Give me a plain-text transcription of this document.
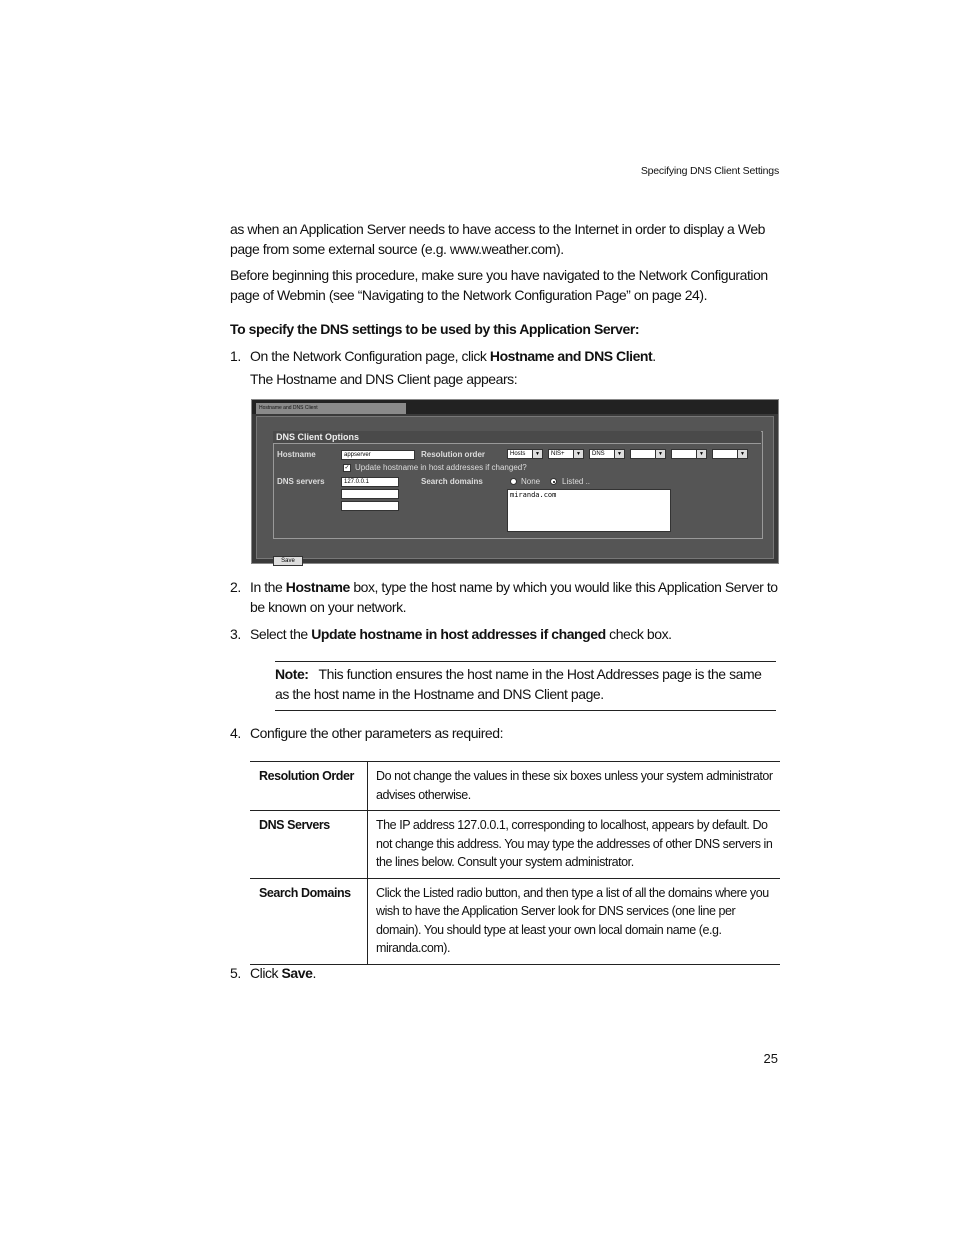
Specifying DNS Client Settings

as when an Application Server needs to have access to the Internet in order to display a Web page from some external source (e.g. www.weather.com).

Before beginning this procedure, make sure you have navigated to the Network Configuration page of Webmin (see “Navigating to the Network Configuration Page” on page 24).

To specify the DNS settings to be used by this Application Server:

1. On the Network Configuration page, click Hostname and DNS Client.

The Hostname and DNS Client page appears:

Hostname and DNS Client
DNS Client Options
Hostname	appserver	Resolution order	Hosts	▼	NIS+	▼	DNS	▼	▼	▼	▼
✓ Update hostname in host addresses if changed?
DNS servers	127.0.0.1	Search domains	None	Listed ..
miranda.com
Save

2. In the Hostname box, type the host name by which you would like this Application Server to be known on your network.

3. Select the Update hostname in host addresses if changed check box.

Note: This function ensures the host name in the Host Addresses page is the same as the host name in the Hostname and DNS Client page.

4. Configure the other parameters as required:

Resolution Order	Do not change the values in these six boxes unless your system administrator advises otherwise.
DNS Servers	The IP address 127.0.0.1, corresponding to localhost, appears by default. Do not change this address. You may type the addresses of other DNS servers in the lines below. Consult your system administrator.
Search Domains	Click the Listed radio button, and then type a list of all the domains where you wish to have the Application Server look for DNS services (one line per domain). You should type at least your own local domain name (e.g. miranda.com).

5. Click Save.

25
